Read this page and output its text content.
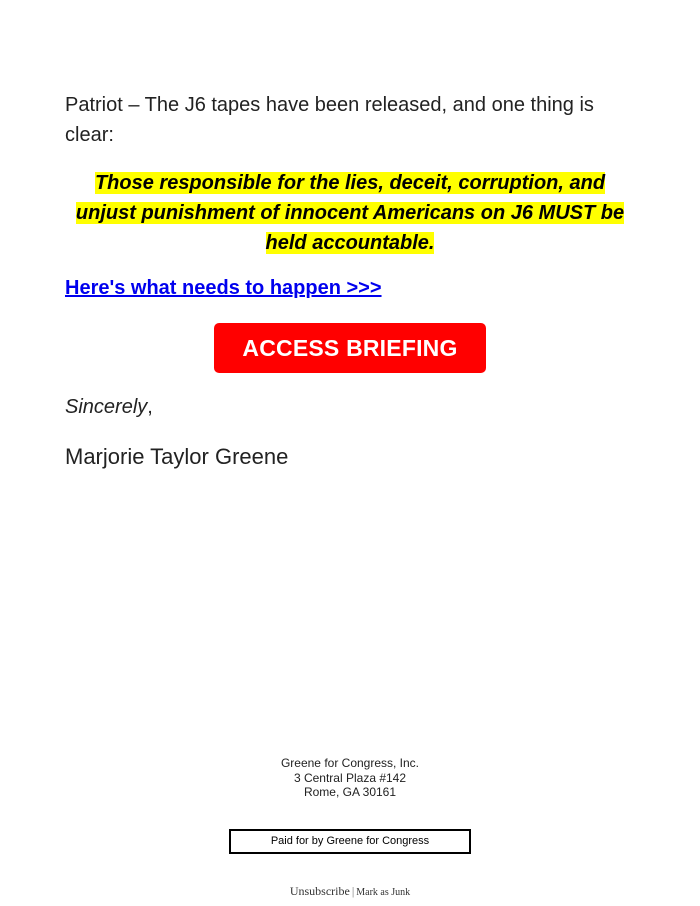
Patriot – The J6 tapes have been released, and one thing is clear:

Those responsible for the lies, deceit, corruption, and unjust punishment of innocent Americans on J6 MUST be held accountable.

Here's what needs to happen >>>
ACCESS BRIEFING
Sincerely,
Marjorie Taylor Greene
Greene for Congress, Inc.
3 Central Plaza #142
Rome, GA 30161
Paid for by Greene for Congress
Unsubscribe | Mark as Junk
